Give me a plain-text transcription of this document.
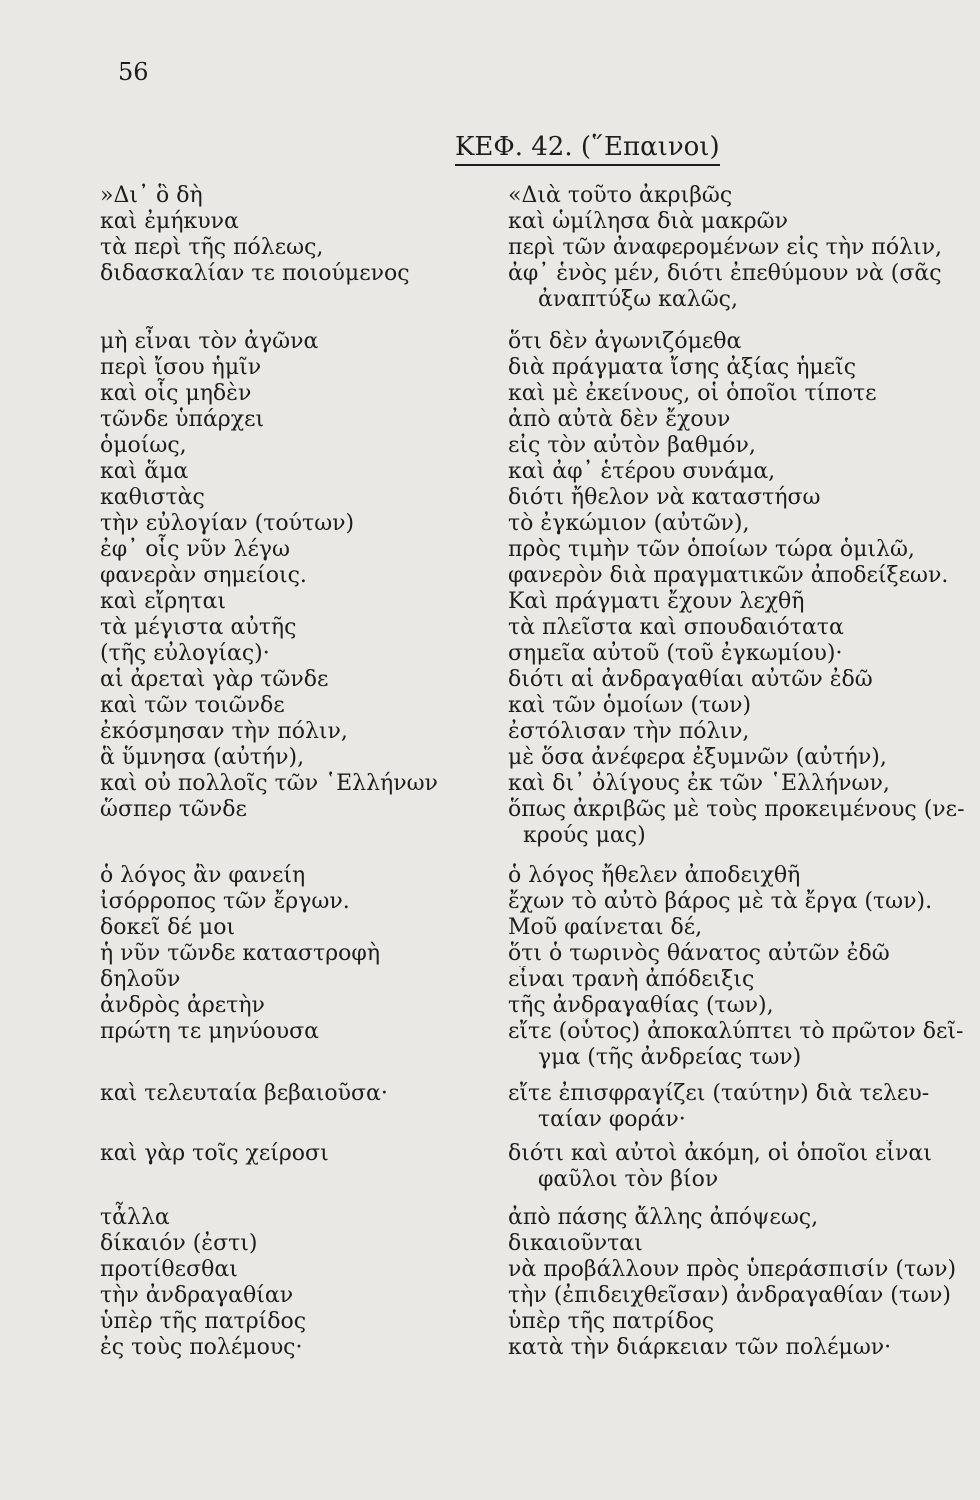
56
ΚΕΦ. 42. (῞Επαινοι)
»Δι᾽ ὃ δὴ
καὶ ἐμήκυνα
τὰ περὶ τῆς πόλεως,
διδασκαλίαν τε ποιούμενος
μὴ εἶναι τὸν ἀγῶνα
περὶ ἴσου ἡμῖν
καὶ οἷς μηδὲν
τῶνδε ὑπάρχει
ὁμοίως,
καὶ ἅμα
καθιστὰς
τὴν εὐλογίαν (τούτων)
ἐφ᾽ οἷς νῦν λέγω
φανερὰν σημείοις.
καὶ εἴρηται
τὰ μέγιστα αὐτῆς
(τῆς εὐλογίας)·
αἱ ἀρεταὶ γὰρ τῶνδε
καὶ τῶν τοιῶνδε
ἐκόσμησαν τὴν πόλιν,
ἃ ὕμνησα (αὐτήν),
καὶ οὐ πολλοῖς τῶν ῾Ελλήνων
ὥσπερ τῶνδε
ὁ λόγος ἂν φανείη
ἰσόρροπος τῶν ἔργων.
δοκεῖ δέ μοι
ἡ νῦν τῶνδε καταστροφὴ
δηλοῦν
ἀνδρὸς ἀρετὴν
πρώτη τε μηνύουσα
καὶ τελευταία βεβαιοῦσα·
καὶ γὰρ τοῖς χείροσι
τἆλλα
δίκαιόν (ἐστι)
προτίθεσθαι
τὴν ἀνδραγαθίαν
ὑπὲρ τῆς πατρίδος
ἐς τοὺς πολέμους·
«Διὰ τοῦτο ἀκριβῶς
καὶ ὡμίλησα διὰ μακρῶν
περὶ τῶν ἀναφερομένων εἰς τὴν πόλιν,
ἀφ᾽ ἑνὸς μέν, διότι ἐπεθύμουν νὰ (σᾶς
ἀναπτύξω καλῶς,
ὅτι δὲν ἀγωνιζόμεθα
διὰ πράγματα ἴσης ἀξίας ἡμεῖς
καὶ μὲ ἐκείνους, οἱ ὁποῖοι τίποτε
ἀπὸ αὐτὰ δὲν ἔχουν
εἰς τὸν αὐτὸν βαθμόν,
καὶ ἀφ᾽ ἑτέρου συνάμα,
διότι ἤθελον νὰ καταστήσω
τὸ ἐγκώμιον (αὐτῶν),
πρὸς τιμὴν τῶν ὁποίων τώρα ὁμιλῶ,
φανερὸν διὰ πραγματικῶν ἀποδείξεων.
Καὶ πράγματι ἔχουν λεχθῆ
τὰ πλεῖστα καὶ σπουδαιότατα
σημεῖα αὐτοῦ (τοῦ ἐγκωμίου)·
διότι αἱ ἀνδραγαθίαι αὐτῶν ἐδῶ
καὶ τῶν ὁμοίων (των)
ἐστόλισαν τὴν πόλιν,
μὲ ὅσα ἀνέφερα ἐξυμνῶν (αὐτήν),
καὶ δι᾽ ὀλίγους ἐκ τῶν ῾Ελλήνων,
ὅπως ἀκριβῶς μὲ τοὺς προκειμένους (νε-
κρούς μας)
ὁ λόγος ἤθελεν ἀποδειχθῆ
ἔχων τὸ αὐτὸ βάρος μὲ τὰ ἔργα (των).
Μοῦ φαίνεται δέ,
ὅτι ὁ τωρινὸς θάνατος αὐτῶν ἐδῶ
εἶναι τρανὴ ἀπόδειξις
τῆς ἀνδραγαθίας (των),
εἴτε (οὗτος) ἀποκαλύπτει τὸ πρῶτον δεῖ-
γμα (τῆς ἀνδρείας των)
εἴτε ἐπισφραγίζει (ταύτην) διὰ τελευ-
ταίαν φοράν·
διότι καὶ αὐτοὶ ἀκόμη, οἱ ὁποῖοι εἶναι
φαῦλοι τὸν βίον
ἀπὸ πάσης ἄλλης ἀπόψεως,
δικαιοῦνται
νὰ προβάλλουν πρὸς ὑπεράσπισίν (των)
τὴν (ἐπιδειχθεῖσαν) ἀνδραγαθίαν (των)
ὑπὲρ τῆς πατρίδος
κατὰ τὴν διάρκειαν τῶν πολέμων·
